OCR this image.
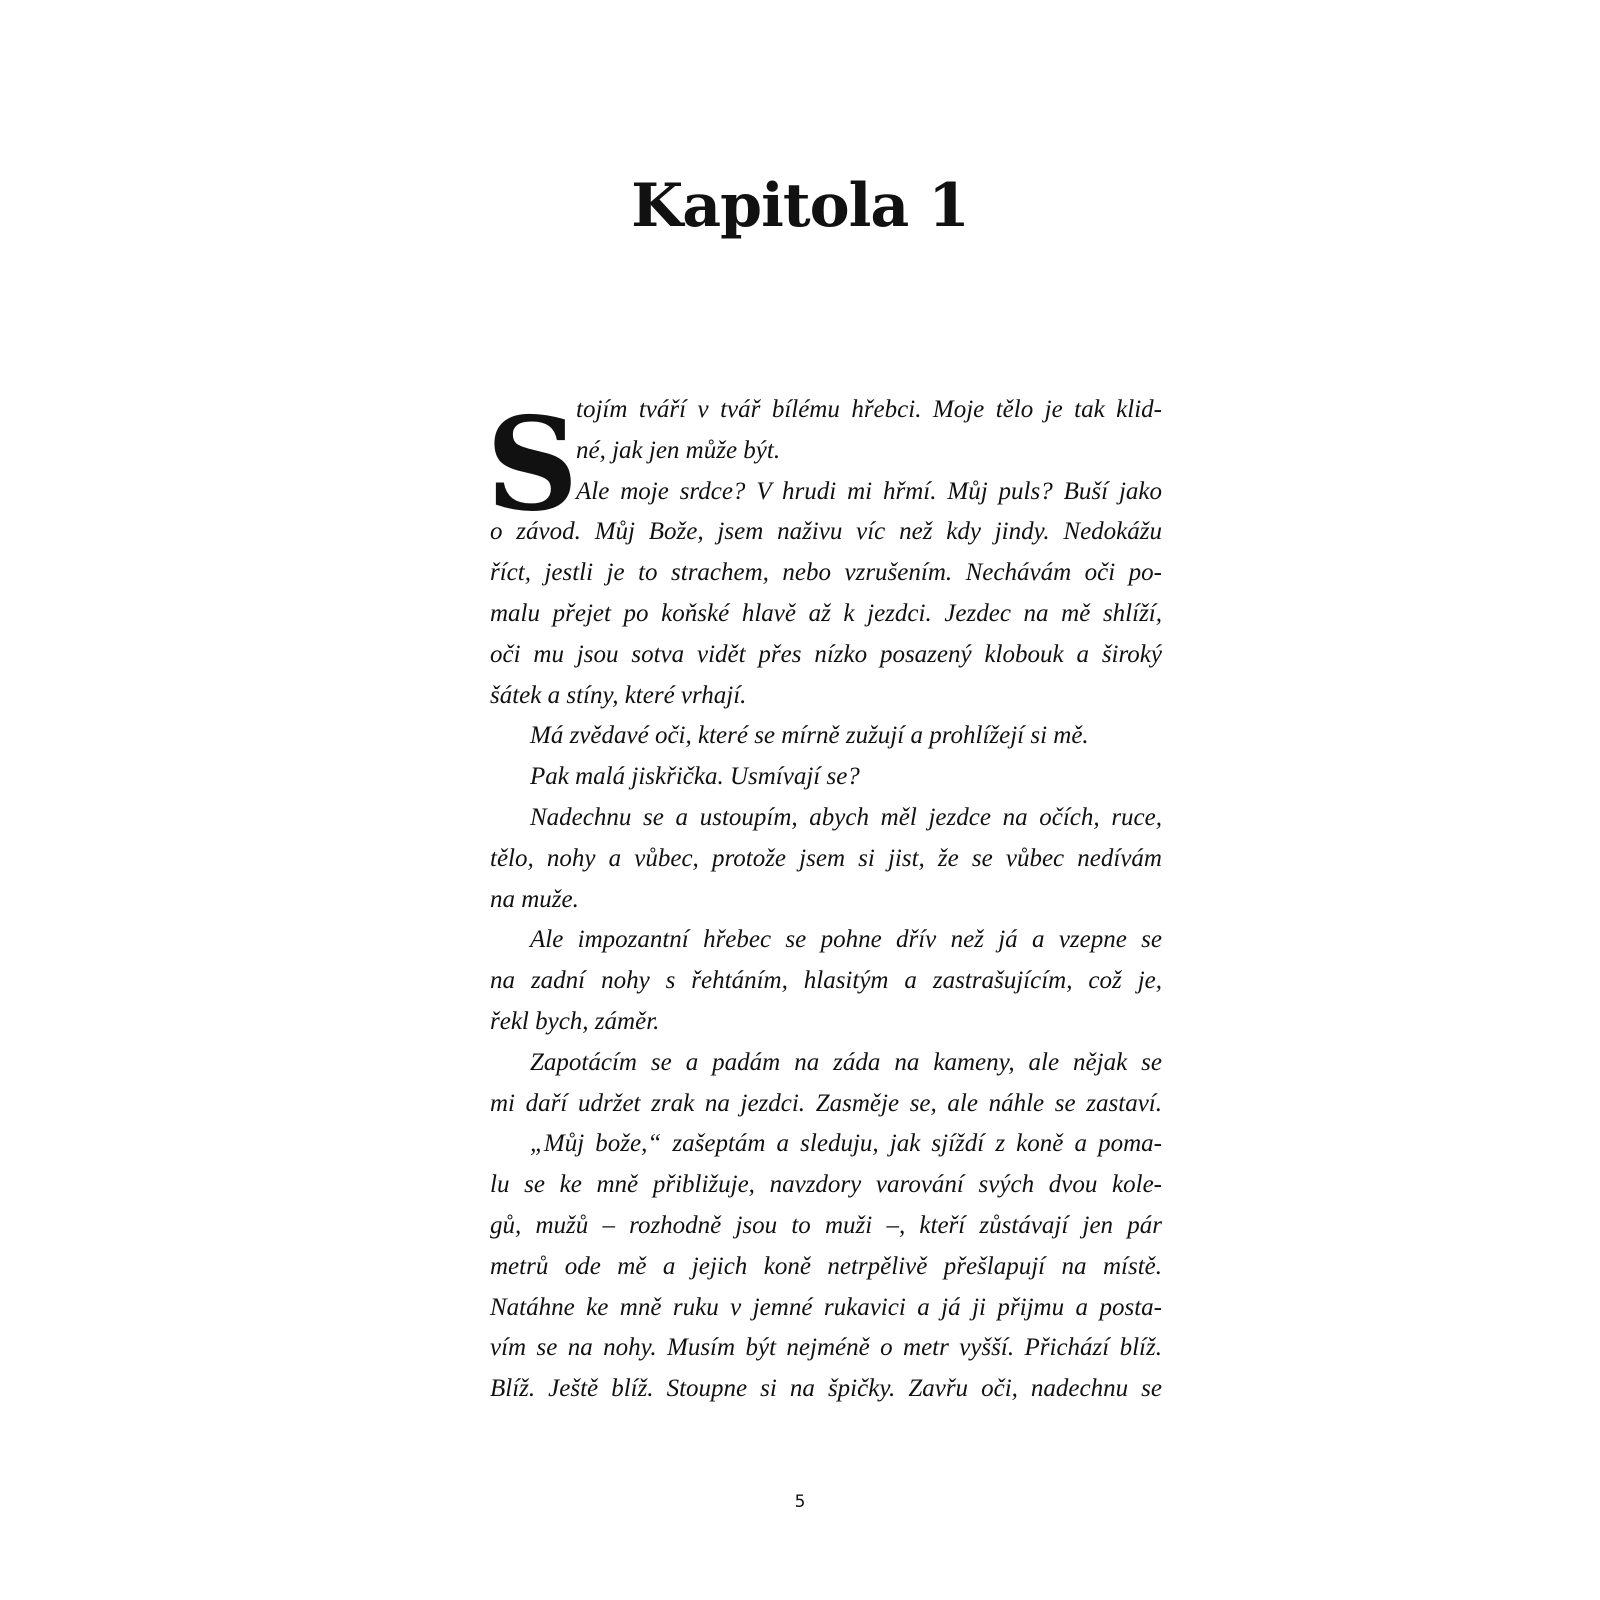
Kapitola 1
S
tojím tváří v tvář bílému hřebci. Moje tělo je tak klid-
né, jak jen může být.
Ale moje srdce? V hrudi mi hřmí. Můj puls? Buší jako
o závod. Můj Bože, jsem naživu víc než kdy jindy. Nedokážu
říct, jestli je to strachem, nebo vzrušením. Nechávám oči po-
malu přejet po koňské hlavě až k jezdci. Jezdec na mě shlíží,
oči mu jsou sotva vidět přes nízko posazený klobouk a široký
šátek a stíny, které vrhají.
Má zvědavé oči, které se mírně zužují a prohlížejí si mě.
Pak malá jiskřička. Usmívají se?
Nadechnu se a ustoupím, abych měl jezdce na očích, ruce,
tělo, nohy a vůbec, protože jsem si jist, že se vůbec nedívám
na muže.
Ale impozantní hřebec se pohne dřív než já a vzepne se
na zadní nohy s řehtáním, hlasitým a zastrašujícím, což je,
řekl bych, záměr.
Zapotácím se a padám na záda na kameny, ale nějak se
mi daří udržet zrak na jezdci. Zasměje se, ale náhle se zastaví.
„Můj bože,“ zašeptám a sleduju, jak sjíždí z koně a poma-
lu se ke mně přibližuje, navzdory varování svých dvou kole-
gů, mužů – rozhodně jsou to muži –, kteří zůstávají jen pár
metrů ode mě a jejich koně netrpělivě přešlapují na místě.
Natáhne ke mně ruku v jemné rukavici a já ji přijmu a posta-
vím se na nohy. Musím být nejméně o metr vyšší. Přichází blíž.
Blíž. Ještě blíž. Stoupne si na špičky. Zavřu oči, nadechnu se
5
